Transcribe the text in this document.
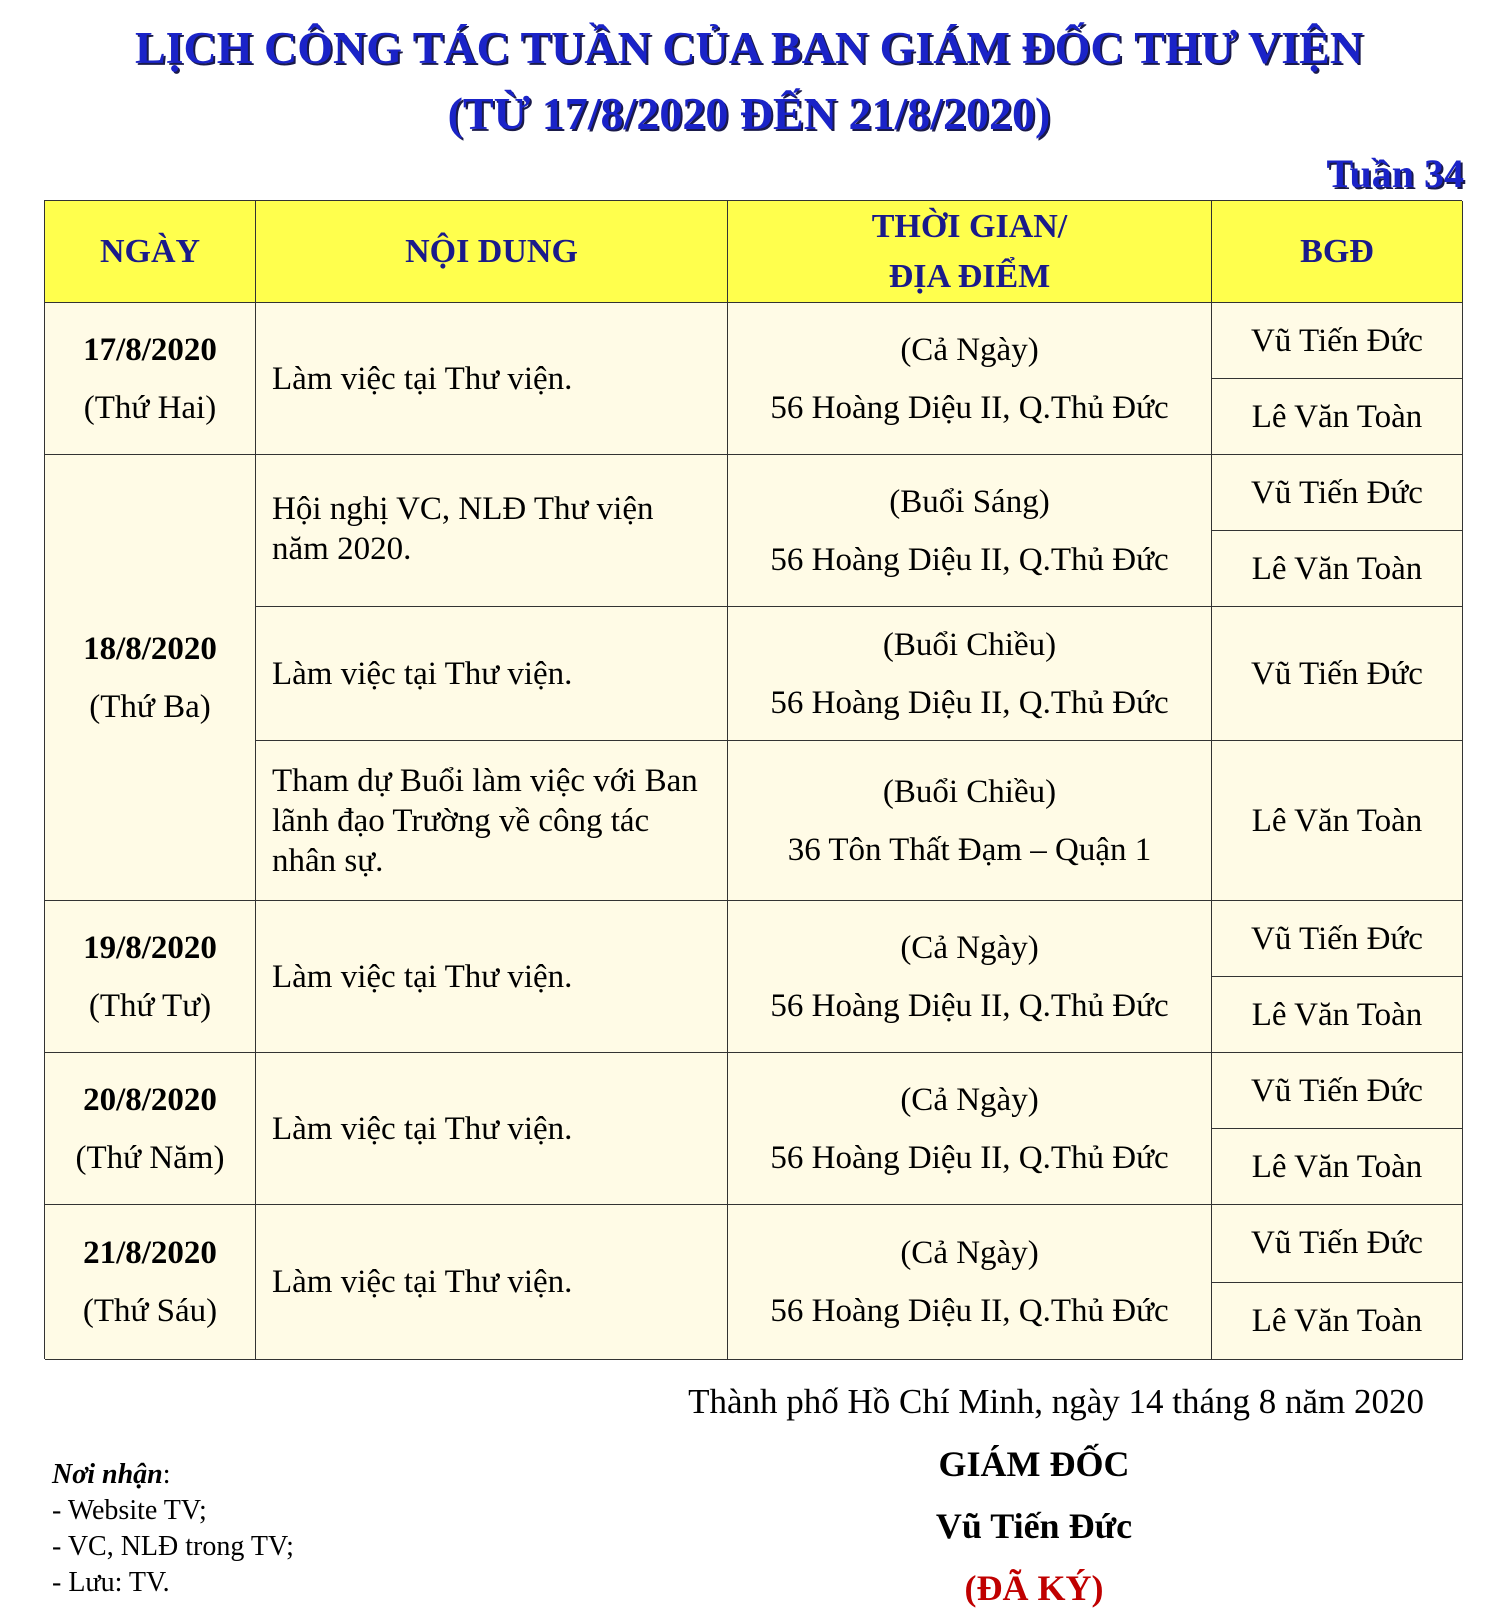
LỊCH CÔNG TÁC TUẦN CỦA BAN GIÁM ĐỐC THƯ VIỆN
(TỪ 17/8/2020 ĐẾN 21/8/2020)
Tuần 34
NGÀY	NỘI DUNG
THỜI GIAN/
ĐỊA ĐIỂM
BGĐ
17/8/2020
(Thứ Hai)
Làm việc tại Thư viện.
(Cả Ngày)
56 Hoàng Diệu II, Q.Thủ Đức
Vũ Tiến Đức
Lê Văn Toàn
18/8/2020
(Thứ Ba)
Hội nghị VC, NLĐ Thư viện năm 2020.
(Buổi Sáng)
56 Hoàng Diệu II, Q.Thủ Đức
Vũ Tiến Đức
Lê Văn Toàn
Làm việc tại Thư viện.
(Buổi Chiều)
56 Hoàng Diệu II, Q.Thủ Đức
Vũ Tiến Đức
Tham dự Buổi làm việc với Ban lãnh đạo Trường về công tác nhân sự.
(Buổi Chiều)
36 Tôn Thất Đạm – Quận 1
Lê Văn Toàn
19/8/2020
(Thứ Tư)
Làm việc tại Thư viện.
(Cả Ngày)
56 Hoàng Diệu II, Q.Thủ Đức
Vũ Tiến Đức
Lê Văn Toàn
20/8/2020
(Thứ Năm)
Làm việc tại Thư viện.
(Cả Ngày)
56 Hoàng Diệu II, Q.Thủ Đức
Vũ Tiến Đức
Lê Văn Toàn
21/8/2020
(Thứ Sáu)
Làm việc tại Thư viện.
(Cả Ngày)
56 Hoàng Diệu II, Q.Thủ Đức
Vũ Tiến Đức
Lê Văn Toàn
Thành phố Hồ Chí Minh, ngày 14 tháng 8 năm 2020
GIÁM ĐỐC
Vũ Tiến Đức
(ĐÃ KÝ)
Nơi nhận:
- Website TV;
- VC, NLĐ trong TV;
- Lưu: TV.
